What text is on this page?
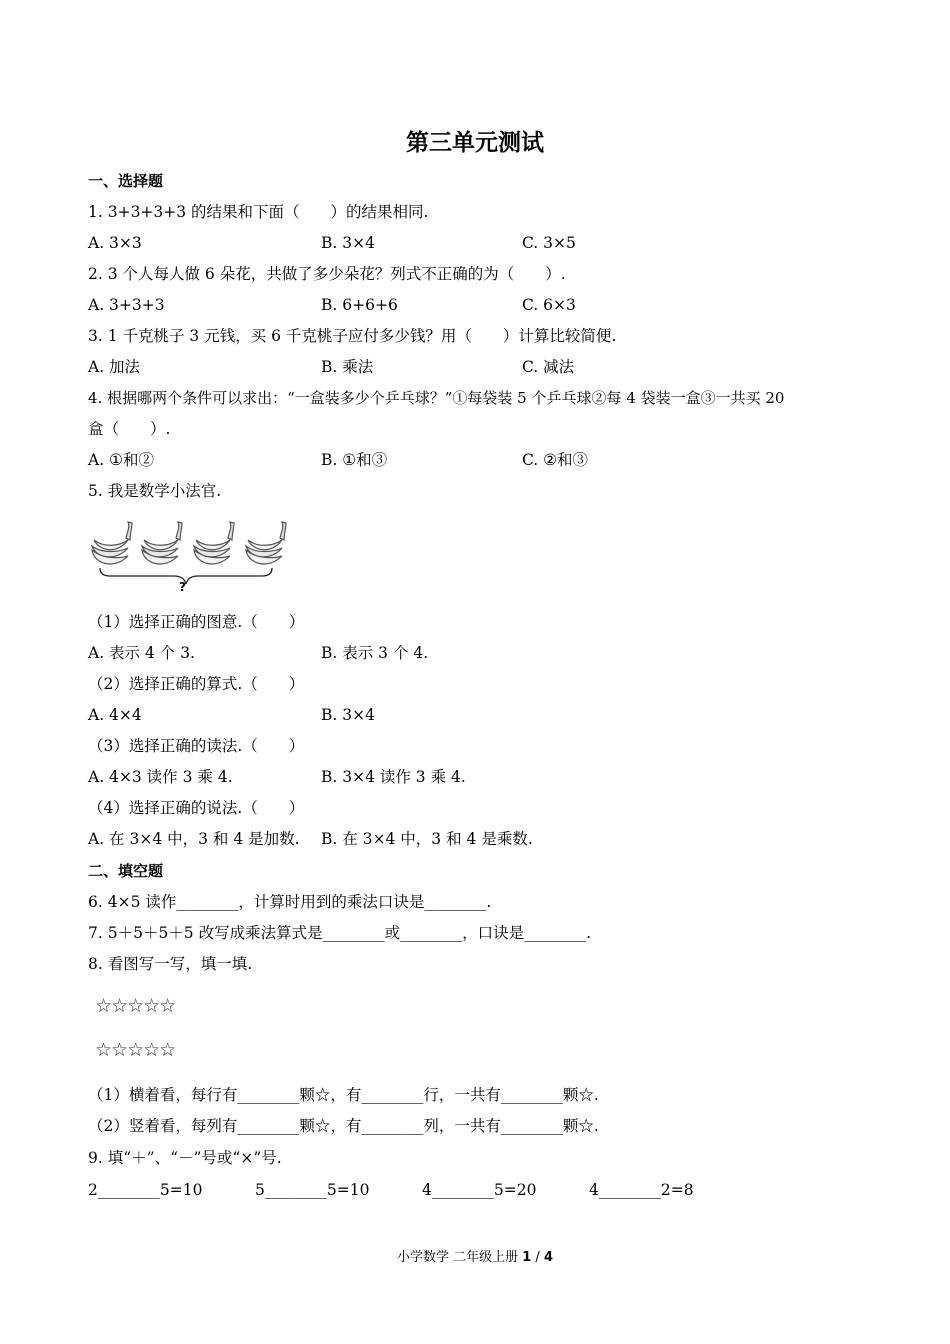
第三单元测试
一、选择题
1. 3+3+3+3 的结果和下面（　　）的结果相同.
A. 3×3	B. 3×4	C. 3×5
2. 3 个人每人做 6 朵花，共做了多少朵花？列式不正确的为（　　）.
A. 3+3+3	B. 6+6+6	C. 6×3
3. 1 千克桃子 3 元钱，买 6 千克桃子应付多少钱？用（　　）计算比较简便.
A. 加法	B. 乘法	C. 减法
4. 根据哪两个条件可以求出：“一盒装多少个乒乓球？”①每袋装 5 个乒乓球②每 4 袋装一盒③一共买 20
盒（　　）.
A. ①和②	B. ①和③	C. ②和③
5. 我是数学小法官.
?
（1）选择正确的图意.（　　）
A. 表示 4 个 3.	B. 表示 3 个 4.
（2）选择正确的算式.（　　）
A. 4×4	B. 3×4
（3）选择正确的读法.（　　）
A. 4×3 读作 3 乘 4.	B. 3×4 读作 3 乘 4.
（4）选择正确的说法.（　　）
A. 在 3×4 中，3 和 4 是加数. B. 在 3×4 中，3 和 4 是乘数.
二、填空题
6. 4×5 读作________，计算时用到的乘法口诀是________.
7. 5＋5＋5＋5 改写成乘法算式是________或________，口诀是________.
8. 看图写一写，填一填.
☆☆☆☆☆
☆☆☆☆☆
（1）横着看，每行有________颗☆，有________行，一共有________颗☆.
（2）竖着看，每列有________颗☆，有________列，一共有________颗☆.
9. 填“＋”、“－”号或“×”号.
2________5=10	5________5=10	4________5=20	4________2=8
小学数学 二年级上册 1 / 4
